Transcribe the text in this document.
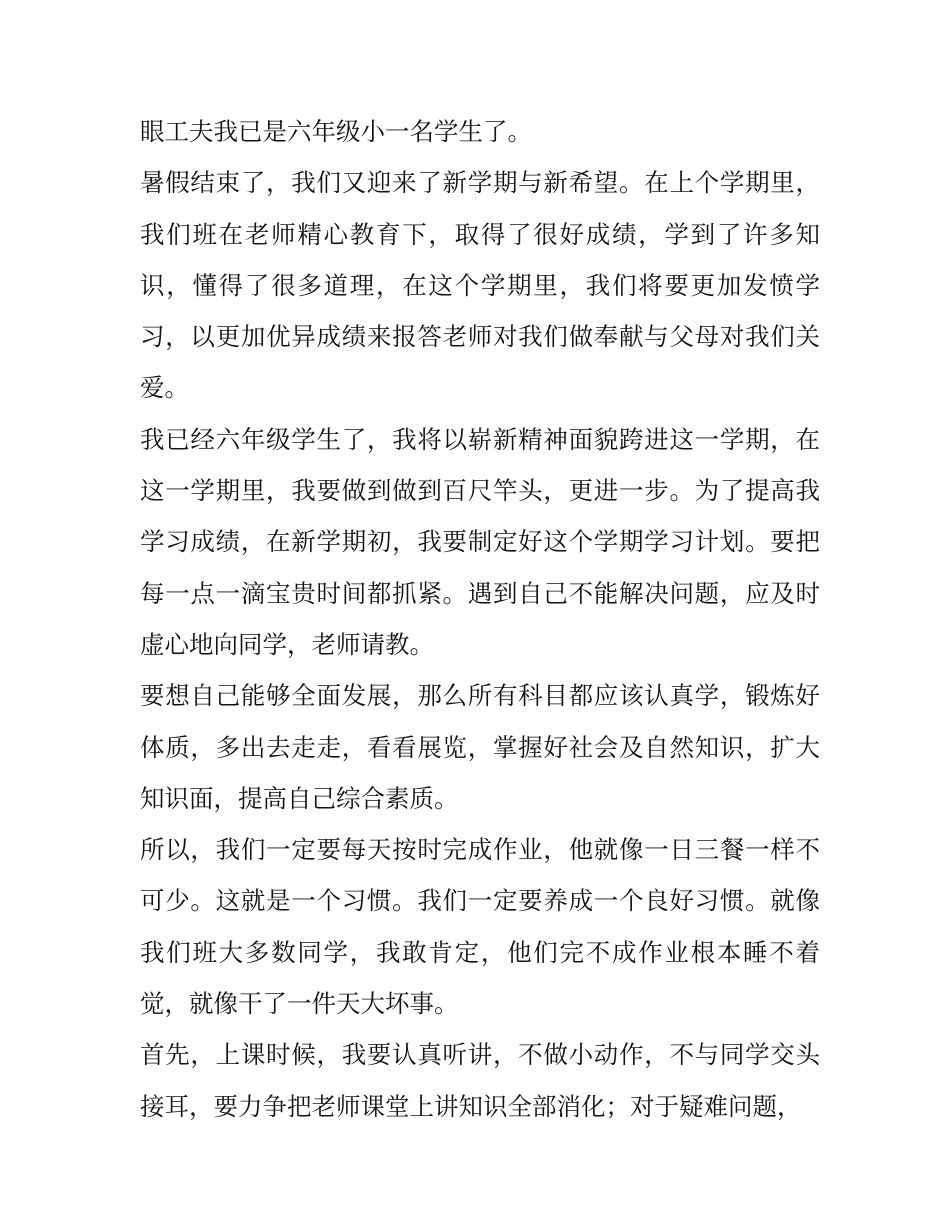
眼工夫我已是六年级小一名学生了。

暑假结束了，我们又迎来了新学期与新希望。在上个学期里，我们班在老师精心教育下，取得了很好成绩，学到了许多知识，懂得了很多道理，在这个学期里，我们将要更加发愤学习，以更加优异成绩来报答老师对我们做奉献与父母对我们关爱。

我已经六年级学生了，我将以崭新精神面貌跨进这一学期，在这一学期里，我要做到做到百尺竿头，更进一步。为了提高我学习成绩，在新学期初，我要制定好这个学期学习计划。要把每一点一滴宝贵时间都抓紧。遇到自己不能解决问题，应及时虚心地向同学，老师请教。

要想自己能够全面发展，那么所有科目都应该认真学，锻炼好体质，多出去走走，看看展览，掌握好社会及自然知识，扩大知识面，提高自己综合素质。

所以，我们一定要每天按时完成作业，他就像一日三餐一样不可少。这就是一个习惯。我们一定要养成一个良好习惯。就像我们班大多数同学，我敢肯定，他们完不成作业根本睡不着觉，就像干了一件天大坏事。

首先，上课时候，我要认真听讲，不做小动作，不与同学交头接耳，要力争把老师课堂上讲知识全部消化；对于疑难问题，
